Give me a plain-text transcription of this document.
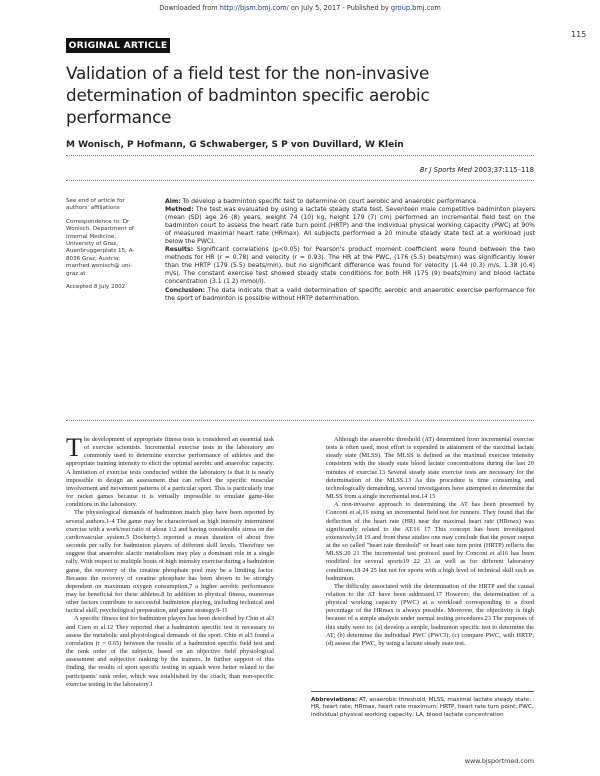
Downloaded from http://bjsm.bmj.com/ on July 5, 2017 - Published by group.bmj.com
115
ORIGINAL ARTICLE
Validation of a field test for the non-invasive
determination of badminton specific aerobic
performance
M Wonisch, P Hofmann, G Schwaberger, S P von Duvillard, W Klein
Br J Sports Med 2003;37:115–118

See end of article for authors' affiliations

Correspondence to: Dr Wonisch, Department of Internal Medicine, University of Graz, Auenbruggerplatz 15, A-8036 Graz, Austria; manfred.wonisch@ uni-graz.at

Accepted 8 July 2002

Aim: To develop a badminton specific test to determine on court aerobic and anaerobic performance.
Method: The test was evaluated by using a lactate steady state test. Seventeen male competitive badminton players (mean (SD) age 26 (8) years, weight 74 (10) kg, height 179 (7) cm) performed an incremental field test on the badminton court to assess the heart rate turn point (HRTP) and the individual physical working capacity (PWC) at 90% of measured maximal heart rate (HRmax). All subjects performed a 20 minute steady state test at a workload just below the PWCI.
Results: Significant correlations (p<0.05) for Pearson's product moment coefficient were found between the two methods for HR (r = 0.78) and velocity (r = 0.93). The HR at the PWC, (176 (5.5) beats/min) was significantly lower than the HRTP (179 (5.5) beats/min), but no significant difference was found for velocity (1.44 (0.3) m/s, 1.38 (0.4) m/s). The constant exercise test showed steady state conditions for both HR (175 (9) beats/min) and blood lactate concentration (3.1 (1.2) mmol/l).
Conclusion: The data indicate that a valid determination of specific aerobic and anaerobic exercise performance for the sport of badminton is possible without HRTP determination.

The development of appropriate fitness tests is considered an essential task of exercise scientists. Incremental exercise tests in the laboratory are commonly used to determine exercise performance of athletes and the appropriate training intensity to elicit the optimal aerobic and anaerobic capacity. A limitation of exercise tests conducted within the laboratory is that it is nearly impossible to design an assessment that can reflect the specific muscular involvement and movement patterns of a particular sport. This is particularly true for racket games because it is virtually impossible to emulate game-like conditions in the laboratory.

The physiological demands of badminton match play have been reported by several authors.1-4 The game may be characterised as high intensity intermittent exercise with a work/rest ratio of about 1:2 and having considerable stress on the cardiovascular system.5 Docherty3 reported a mean duration of about five seconds per rally for badminton players of different skill levels. Therefore we suggest that anaerobic alactic metabolism may play a dominant role in a single rally. With respect to multiple bouts of high intensity exercise during a badminton game, the recovery of the creatine phosphate pool may be a limiting factor. Because the recovery of creatine phosphate has been shown to be strongly dependent on maximum oxygen consumption,7 a higher aerobic performance may be beneficial for these athletes.8 In addition to physical fitness, numerous other factors contribute to successful badminton playing, including technical and tactical skill, psychological preparation, and game strategy.9-11

A specific fitness test for badminton players has been described by Chin et al3 and Coen et al.12 They reported that a badminton specific test is necessary to assess the metabolic and physiological demands of the sport. Chin et al3 found a correlation (r = 0.65) between the results of a badminton specific field test and the rank order of the subjects, based on an objective field physiological assessment and subjective ranking by the trainers. In further support of this finding, the results of sport specific testing in squash were better related to the participants' rank order, which was established by the coach, than non-specific exercise testing in the laboratory.1

Although the anaerobic threshold (AT) determined from incremental exercise tests is often used, most effort is expended in attainment of the maximal lactate steady state (MLSS). The MLSS is defined as the maximal exercise intensity consistent with the steady state blood lactate concentrations during the last 20 minutes of exercise.13 Several steady state exercise tests are necessary for the determination of the MLSS.13 As this procedure is time consuming and technologically demanding, several investigators have attempted to determine the MLSS from a single incremental test.14 15

A non-invasive approach to determining the AT has been presented by Conconi et al,16 using an incremental field test for runners. They found that the deflection of the heart rate (HR) near the maximal heart rate (HRmax) was significantly related to the AT.16 17 This concept has been investigated extensively,18 19 and from these studies one may conclude that the power output at the so called "heart rate threshold" or heart rate turn point (HRTP) reflects the MLSS.20 21 The incremental test protocol used by Conconi et al16 has been modified for several sports19 22 23 as well as for different laboratory conditions,18 24 25 but not for sports with a high level of technical skill such as badminton.

The difficulty associated with the determination of the HRTP and the causal relation to the AT have been addressed.17 However, the determination of a physical working capacity (PWC) at a workload corresponding to a fixed percentage of the HRmax is always possible. Moreover, the objectivity is high because of a simple analysis under normal testing procedures.23 The purposes of this study were to: (a) develop a simple, badminton specific test to determine the AT; (b) determine the individual PWC (PWCI); (c) compare PWC, with HRTP; (d) assess the PWC, by using a lactate steady state test.

Abbreviations: AT, anaerobic threshold; MLSS, maximal lactate steady state; HR, heart rate; HRmax, heart rate maximum; HRTP, heart rate turn point; PWC, individual physical working capacity; LA, blood lactate concentration
www.bjsportmed.com
